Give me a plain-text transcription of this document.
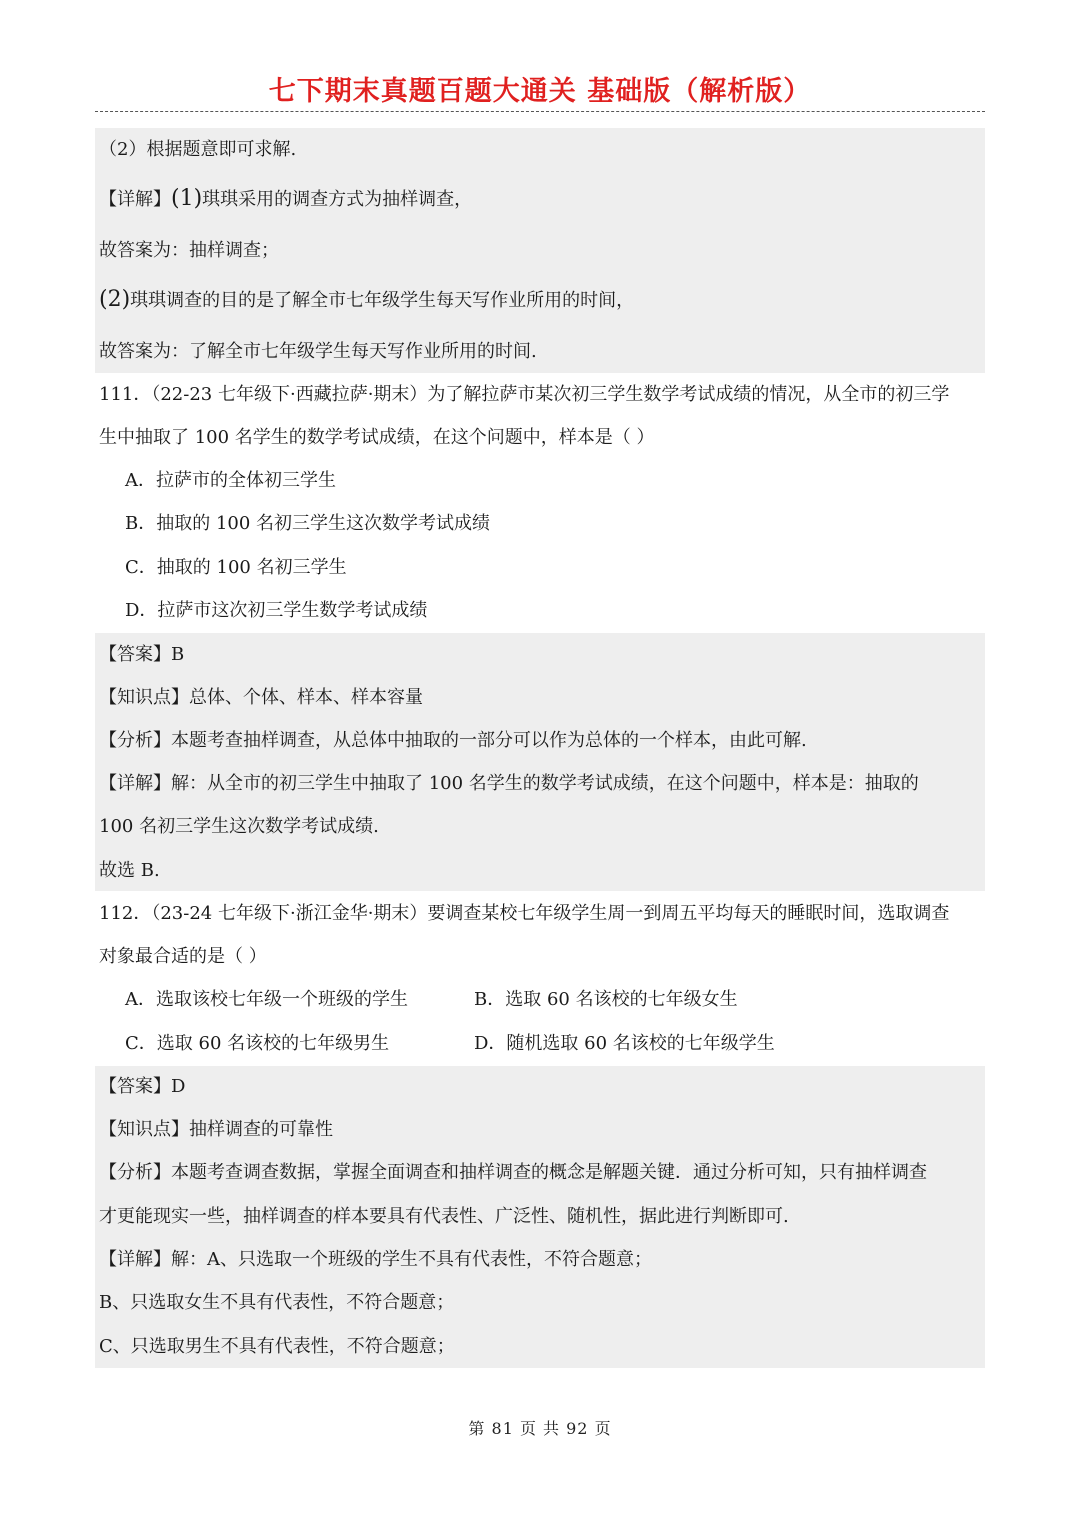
七下期末真题百题大通关 基础版（解析版）
（2）根据题意即可求解.
【详解】(1)琪琪采用的调查方式为抽样调查，
故答案为：抽样调查；
(2)琪琪调查的目的是了解全市七年级学生每天写作业所用的时间，
故答案为：了解全市七年级学生每天写作业所用的时间.
111．（22-23 七年级下·西藏拉萨·期末）为了解拉萨市某次初三学生数学考试成绩的情况，从全市的初三学
生中抽取了 100 名学生的数学考试成绩，在这个问题中，样本是（ ）
A．拉萨市的全体初三学生
B．抽取的 100 名初三学生这次数学考试成绩
C．抽取的 100 名初三学生
D．拉萨市这次初三学生数学考试成绩
【答案】B
【知识点】总体、个体、样本、样本容量
【分析】本题考查抽样调查，从总体中抽取的一部分可以作为总体的一个样本，由此可解.
【详解】解：从全市的初三学生中抽取了 100 名学生的数学考试成绩，在这个问题中，样本是：抽取的
100 名初三学生这次数学考试成绩.
故选 B.
112．（23-24 七年级下·浙江金华·期末）要调查某校七年级学生周一到周五平均每天的睡眠时间，选取调查
对象最合适的是（ ）
A．选取该校七年级一个班级的学生	B．选取 60 名该校的七年级女生
C．选取 60 名该校的七年级男生	D．随机选取 60 名该校的七年级学生
【答案】D
【知识点】抽样调查的可靠性
【分析】本题考查调查数据，掌握全面调查和抽样调查的概念是解题关键．通过分析可知，只有抽样调查
才更能现实一些，抽样调查的样本要具有代表性、广泛性、随机性，据此进行判断即可.
【详解】解：A、只选取一个班级的学生不具有代表性，不符合题意；
B、只选取女生不具有代表性，不符合题意；
C、只选取男生不具有代表性，不符合题意；
第 81 页 共 92 页
